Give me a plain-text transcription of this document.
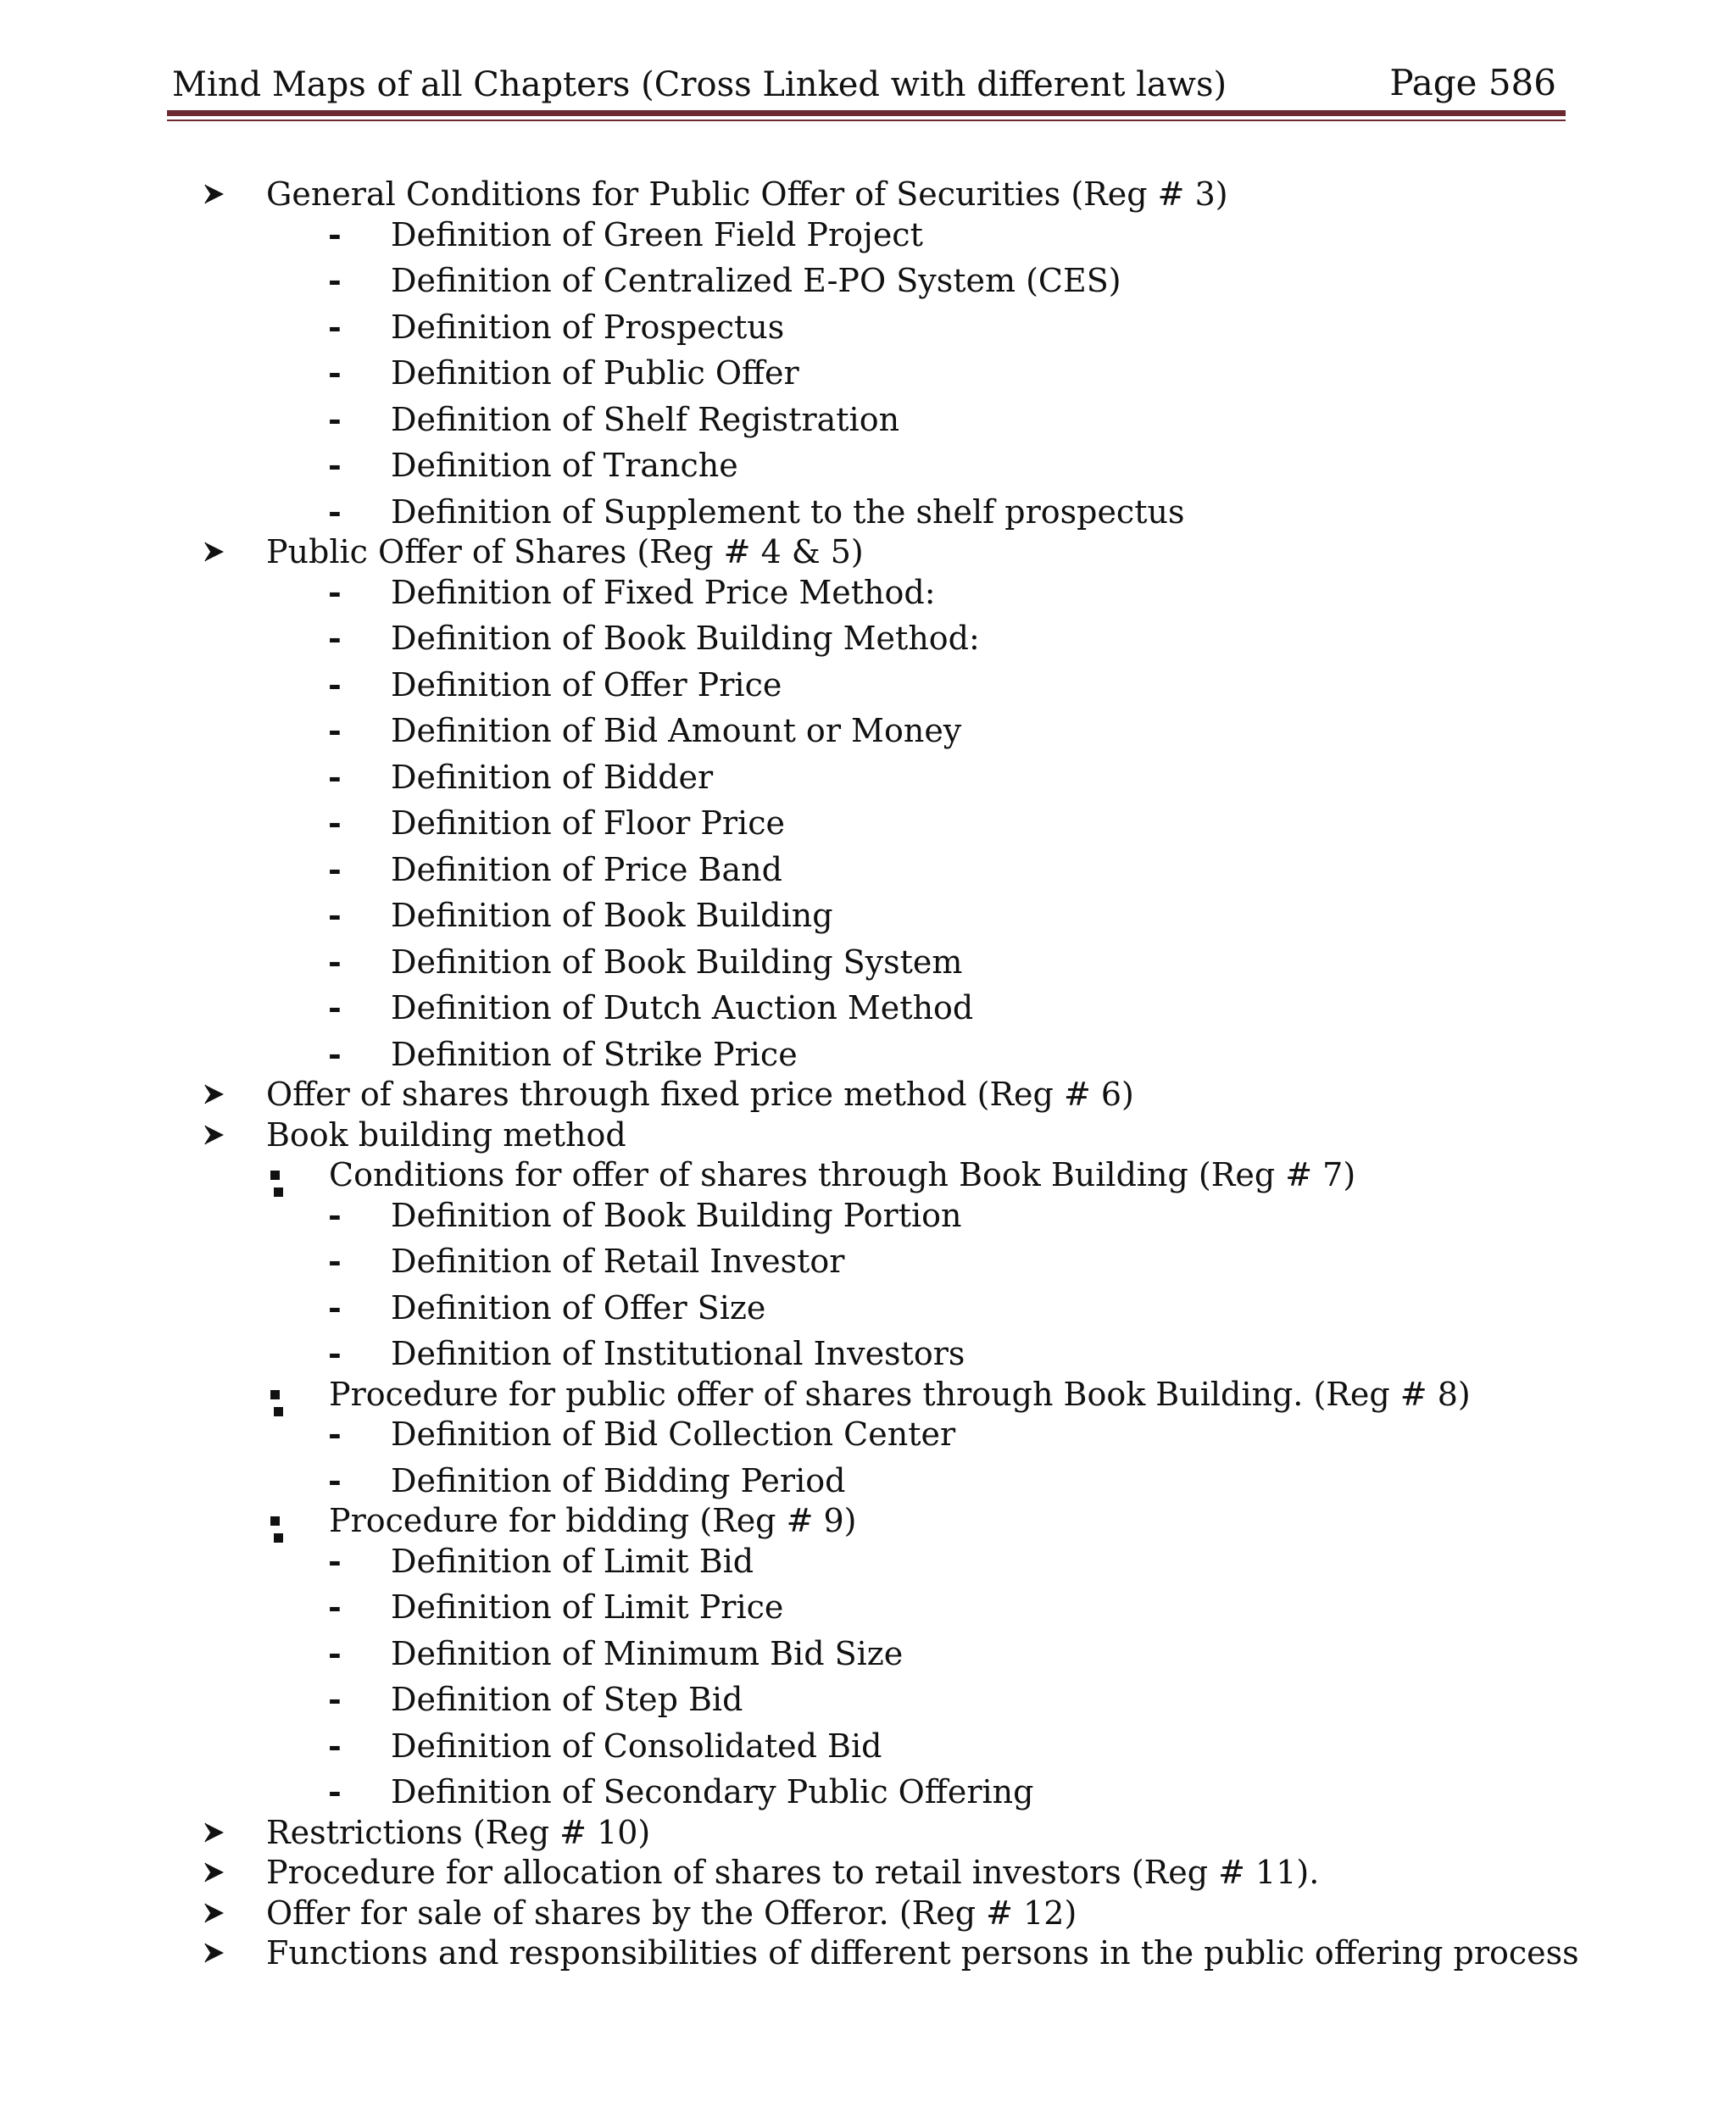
Mind Maps of all Chapters (Cross Linked with different laws)	Page 586
General Conditions for Public Offer of Securities (Reg # 3)
- Definition of Green Field Project
- Definition of Centralized E-PO System (CES)
- Definition of Prospectus
- Definition of Public Offer
- Definition of Shelf Registration
- Definition of Tranche
- Definition of Supplement to the shelf prospectus
Public Offer of Shares (Reg # 4 & 5)
- Definition of Fixed Price Method:
- Definition of Book Building Method:
- Definition of Offer Price
- Definition of Bid Amount or Money
- Definition of Bidder
- Definition of Floor Price
- Definition of Price Band
- Definition of Book Building
- Definition of Book Building System
- Definition of Dutch Auction Method
- Definition of Strike Price
Offer of shares through fixed price method (Reg # 6)
Book building method
Conditions for offer of shares through Book Building (Reg # 7)
- Definition of Book Building Portion
- Definition of Retail Investor
- Definition of Offer Size
- Definition of Institutional Investors
Procedure for public offer of shares through Book Building. (Reg # 8)
- Definition of Bid Collection Center
- Definition of Bidding Period
Procedure for bidding (Reg # 9)
- Definition of Limit Bid
- Definition of Limit Price
- Definition of Minimum Bid Size
- Definition of Step Bid
- Definition of Consolidated Bid
- Definition of Secondary Public Offering
Restrictions (Reg # 10)
Procedure for allocation of shares to retail investors (Reg # 11).
Offer for sale of shares by the Offeror. (Reg # 12)
Functions and responsibilities of different persons in the public offering process
